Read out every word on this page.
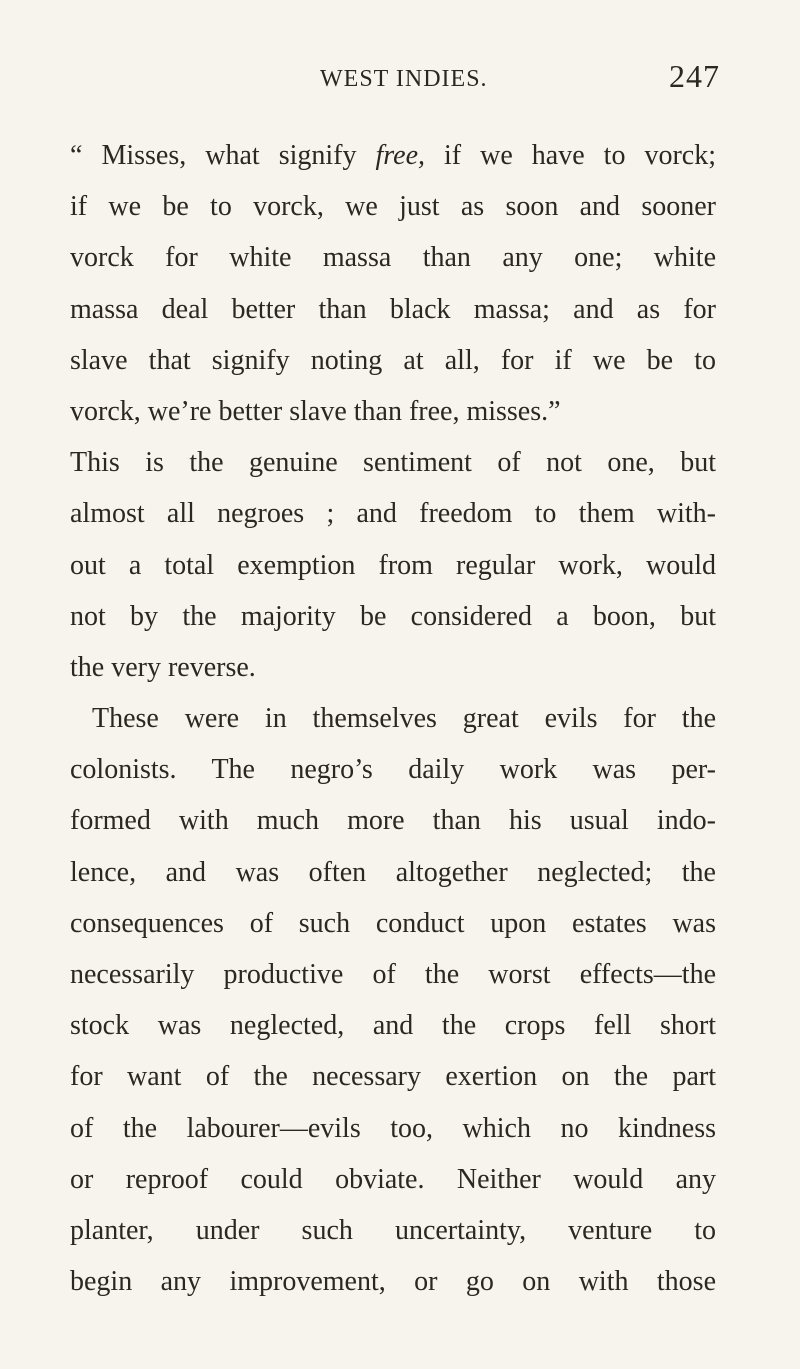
WEST INDIES.	247
“ Misses, what signify free, if we have to vorck;
if we be to vorck, we just as soon and sooner
vorck for white massa than any one; white
massa deal better than black massa; and as for
slave that signify noting at all, for if we be to
vorck, we’re better slave than free, misses.”
This is the genuine sentiment of not one, but
almost all negroes ; and freedom to them with-
out a total exemption from regular work, would
not by the majority be considered a boon, but
the very reverse.
These were in themselves great evils for the
colonists. The negro’s daily work was per-
formed with much more than his usual indo-
lence, and was often altogether neglected; the
consequences of such conduct upon estates was
necessarily productive of the worst effects—the
stock was neglected, and the crops fell short
for want of the necessary exertion on the part
of the labourer—evils too, which no kindness
or reproof could obviate. Neither would any
planter, under such uncertainty, venture to
begin any improvement, or go on with those
